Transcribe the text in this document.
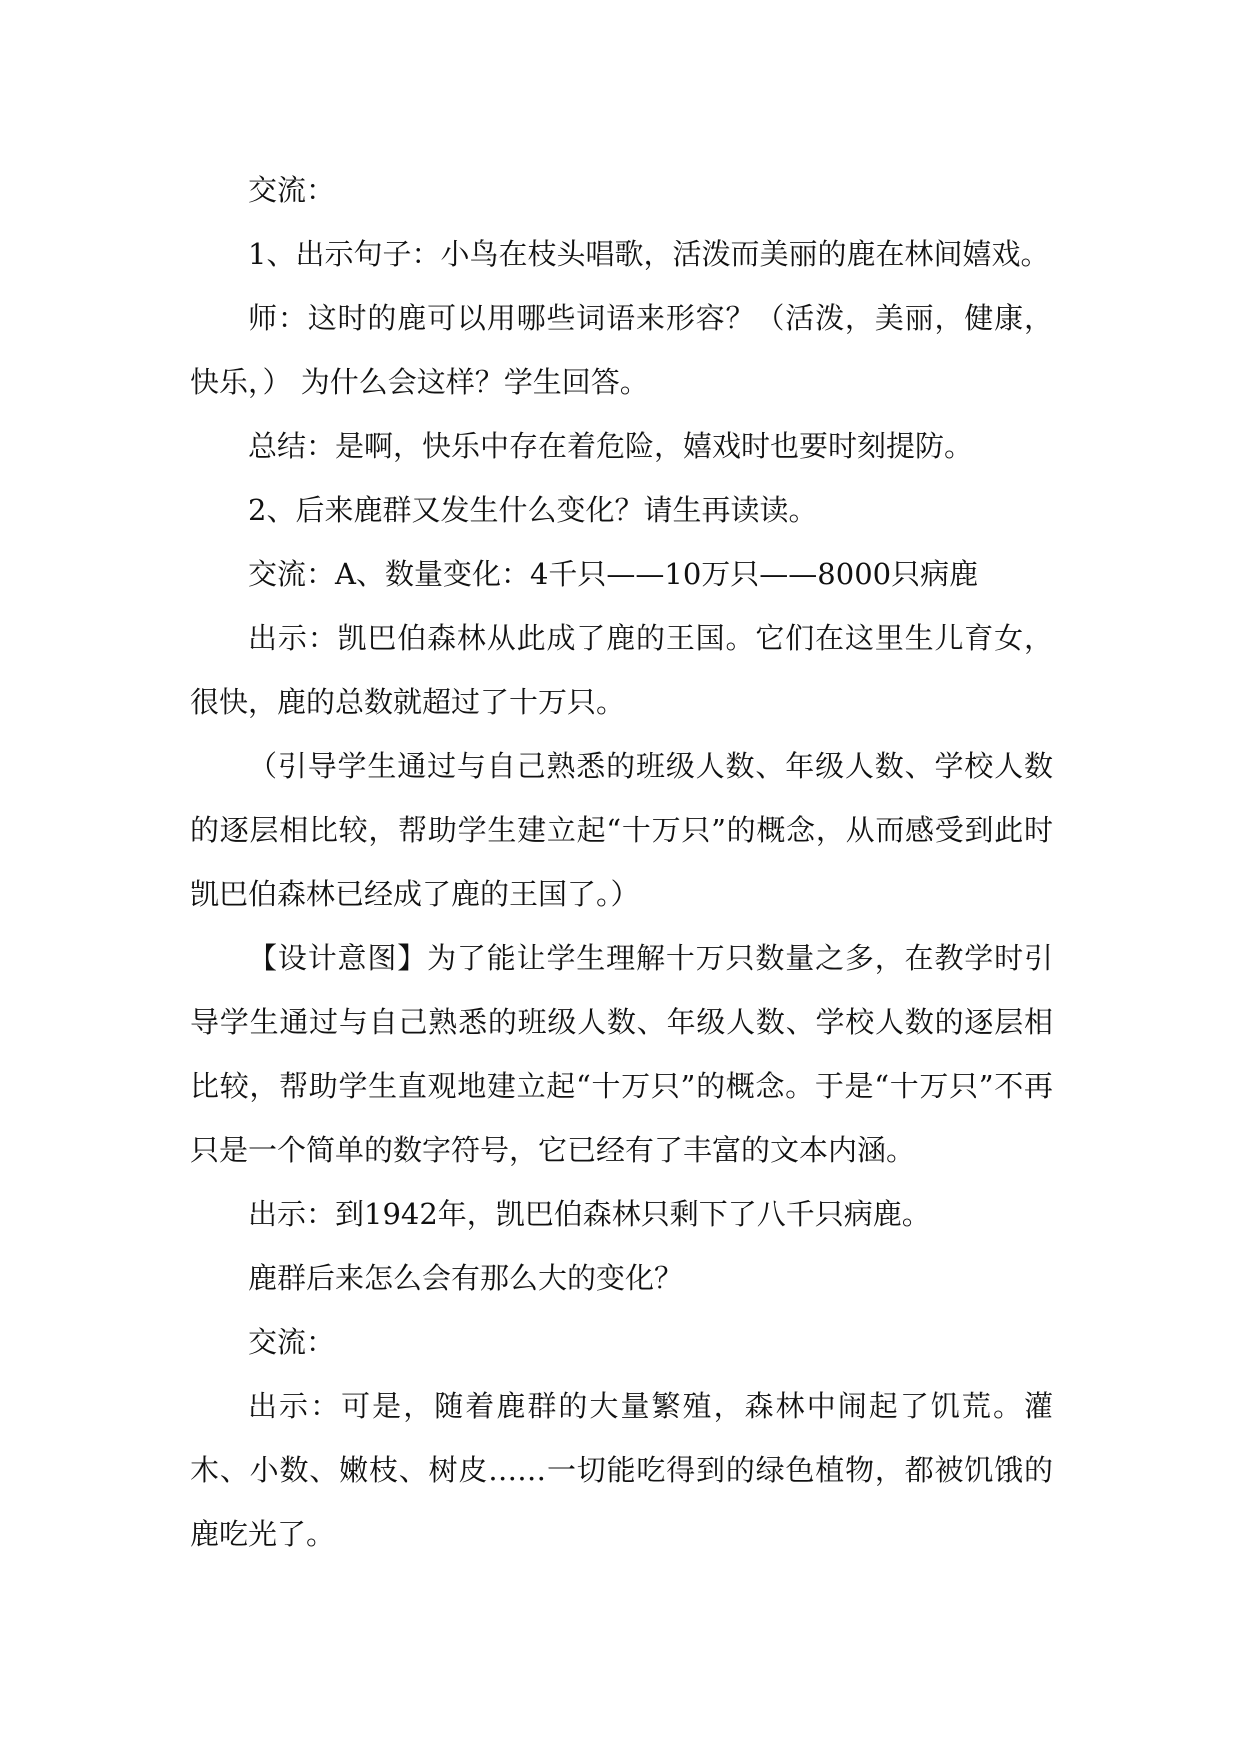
交流：

1、出示句子：小鸟在枝头唱歌，活泼而美丽的鹿在林间嬉戏。

师：这时的鹿可以用哪些词语来形容？（活泼，美丽，健康，快乐，） 为什么会这样？学生回答。

总结：是啊，快乐中存在着危险，嬉戏时也要时刻提防。

2、后来鹿群又发生什么变化？请生再读读。

交流：A、数量变化：4千只——10万只——8000只病鹿

出示：凯巴伯森林从此成了鹿的王国。它们在这里生儿育女，很快，鹿的总数就超过了十万只。

（引导学生通过与自己熟悉的班级人数、年级人数、学校人数的逐层相比较，帮助学生建立起“十万只”的概念，从而感受到此时凯巴伯森林已经成了鹿的王国了。）

【设计意图】为了能让学生理解十万只数量之多，在教学时引导学生通过与自己熟悉的班级人数、年级人数、学校人数的逐层相比较，帮助学生直观地建立起“十万只”的概念。于是“十万只”不再只是一个简单的数字符号，它已经有了丰富的文本内涵。

出示：到1942年，凯巴伯森林只剩下了八千只病鹿。

鹿群后来怎么会有那么大的变化？

交流：

出示：可是，随着鹿群的大量繁殖，森林中闹起了饥荒。灌木、小数、嫩枝、树皮……一切能吃得到的绿色植物，都被饥饿的鹿吃光了。
